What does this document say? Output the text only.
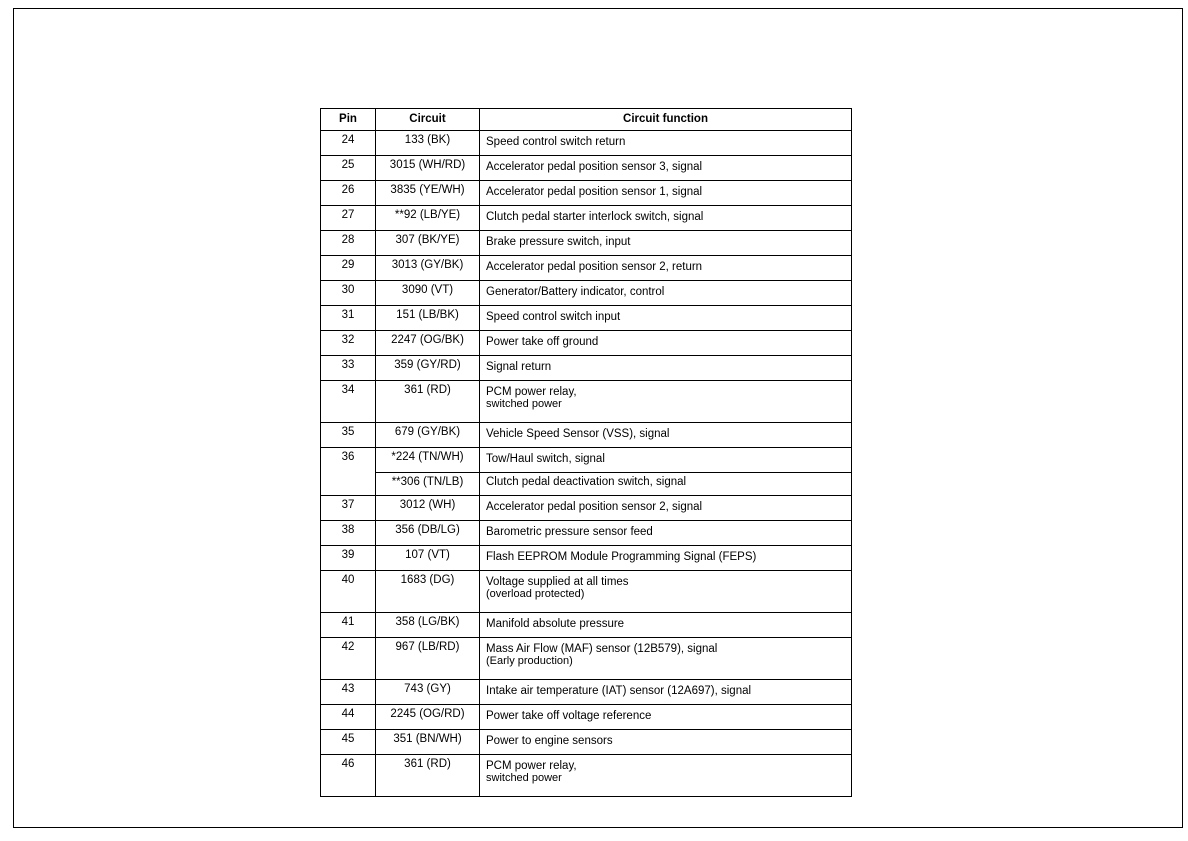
Pin	Circuit	Circuit function
24	133 (BK)	Speed control switch return

25	3015 (WH/RD)	Accelerator pedal position sensor 3, signal

26	3835 (YE/WH)	Accelerator pedal position sensor 1, signal

27	**92 (LB/YE)	Clutch pedal starter interlock switch, signal

28	307 (BK/YE)	Brake pressure switch, input

29	3013 (GY/BK)	Accelerator pedal position sensor 2, return

30	3090 (VT)	Generator/Battery indicator, control

31	151 (LB/BK)	Speed control switch input

32	2247 (OG/BK)	Power take off ground

33	359 (GY/RD)	Signal return

34	361 (RD)	PCM power relay,
switched power

35	679 (GY/BK)	Vehicle Speed Sensor (VSS), signal

36	*224 (TN/WH)	Tow/Haul switch, signal

	**306 (TN/LB)	Clutch pedal deactivation switch, signal

37	3012 (WH)	Accelerator pedal position sensor 2, signal

38	356 (DB/LG)	Barometric pressure sensor feed

39	107 (VT)	Flash EEPROM Module Programming Signal (FEPS)

40	1683 (DG)	Voltage supplied at all times
(overload protected)

41	358 (LG/BK)	Manifold absolute pressure

42	967 (LB/RD)	Mass Air Flow (MAF) sensor (12B579), signal
(Early production)

43	743 (GY)	Intake air temperature (IAT) sensor (12A697), signal

44	2245 (OG/RD)	Power take off voltage reference

45	351 (BN/WH)	Power to engine sensors

46	361 (RD)	PCM power relay,
switched power
